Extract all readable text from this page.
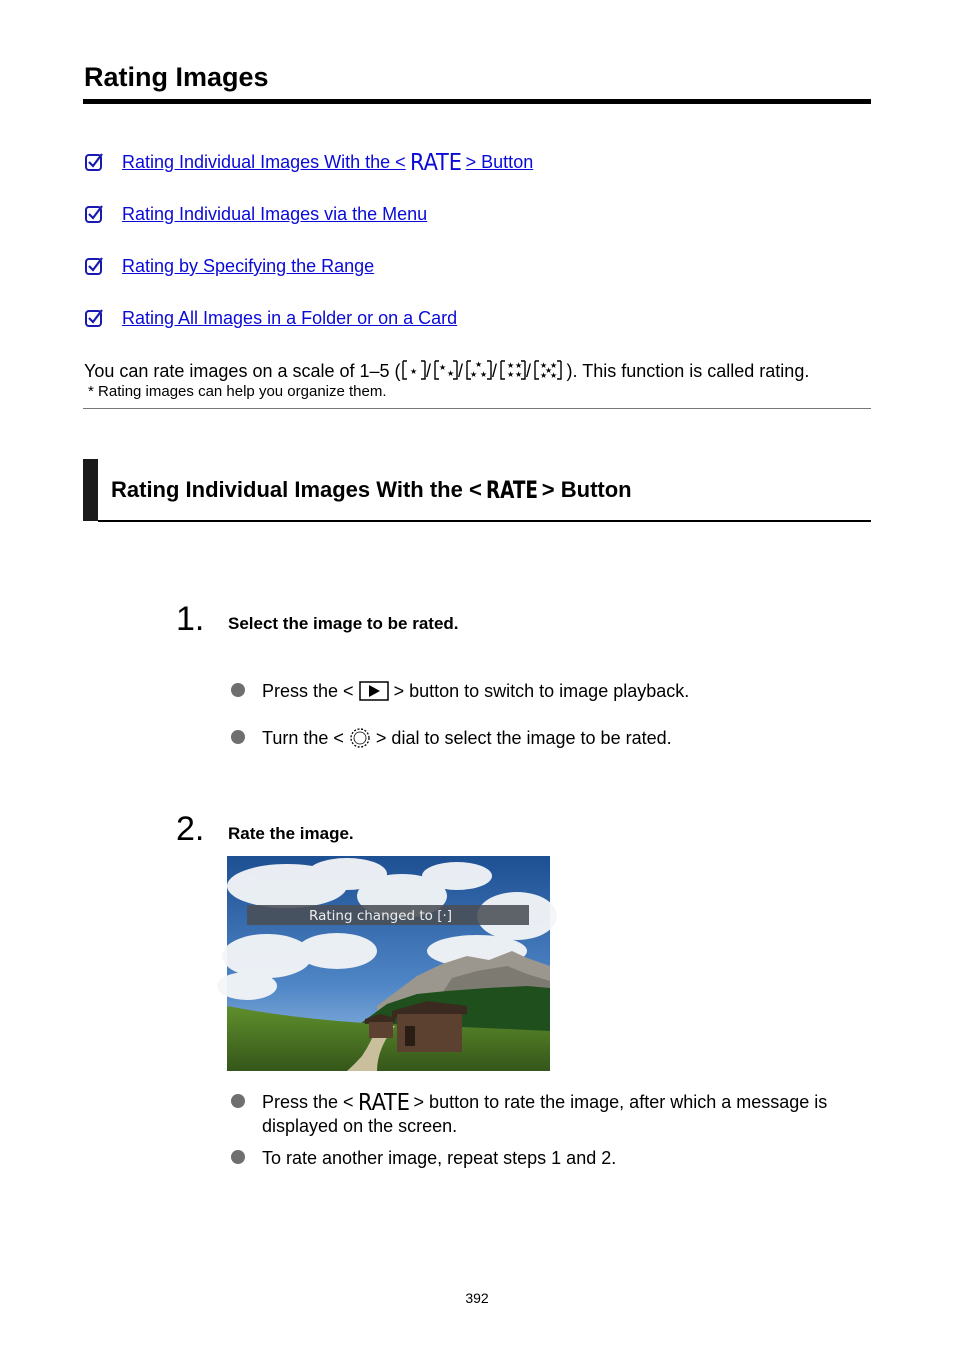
Rating Images
Rating Individual Images With the < RATE > Button
Rating Individual Images via the Menu
Rating by Specifying the Range
Rating All Images in a Folder or on a Card
You can rate images on a scale of 1–5 ( ★	★
★
★
★ ★
★ ★
★ ★
★ ★
★
★ ★
/ / / / ). This function is called rating.
* Rating images can help you organize them.
Rating Individual Images With the < RATE > Button
1. Select the image to be rated.
Press the < > button to switch to image playback.
Turn the < > dial to select the image to be rated.
2. Rate the image.
Rating changed to [·]
Press the < RATE > button to rate the image, after which a message is displayed on the screen.
To rate another image, repeat steps 1 and 2.
392
